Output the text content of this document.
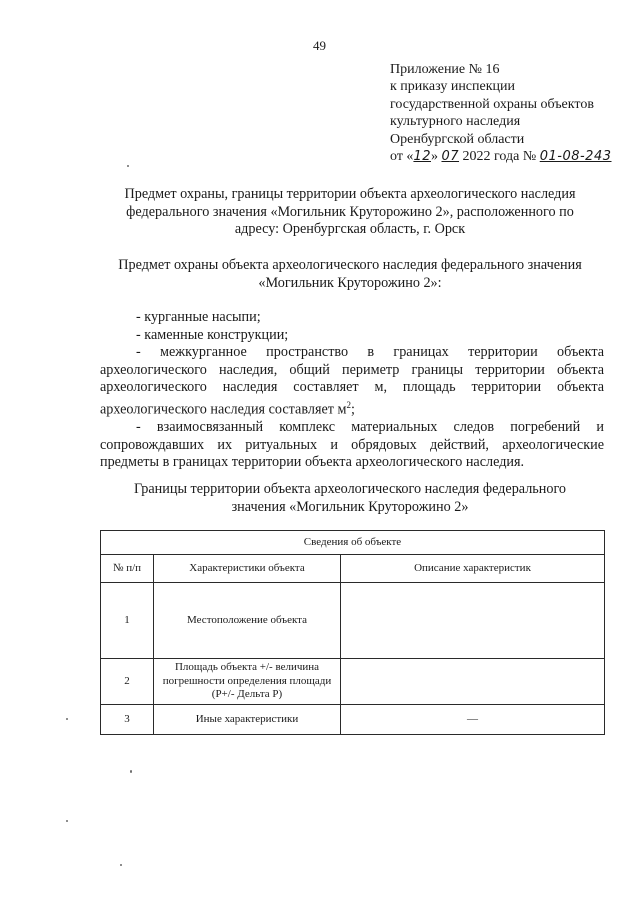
49
Приложение № 16
к приказу инспекции
государственной охраны объектов
культурного наследия
Оренбургской области
от «12» 07 2022 года № 01-08-243
Предмет охраны, границы территории объекта археологического наследия
федерального значения «Могильник Круторожино 2», расположенного по
адресу: Оренбургская область, г. Орск
Предмет охраны объекта археологического наследия федерального значения
«Могильник Круторожино 2»:
- курганные насыпи;
- каменные конструкции;
- межкурганное пространство в границах территории объекта
археологического наследия, общий периметр границы территории объекта
археологического наследия составляет м, площадь территории объекта
археологического наследия составляет $м^2$;
- взаимосвязанный комплекс материальных следов погребений и
сопровождавших их ритуальных и обрядовых действий, археологические
предметы в границах территории объекта археологического наследия.
Границы территории объекта археологического наследия федерального
значения «Могильник Круторожино 2»
Сведения об объекте		
№ п/п	Характеристики объекта	Описание характеристик
1	Местоположение объекта	
2	Площадь объекта +/- величина погрешности определения площади (P+/- Дельта P)	
3	Иные характеристики	—
